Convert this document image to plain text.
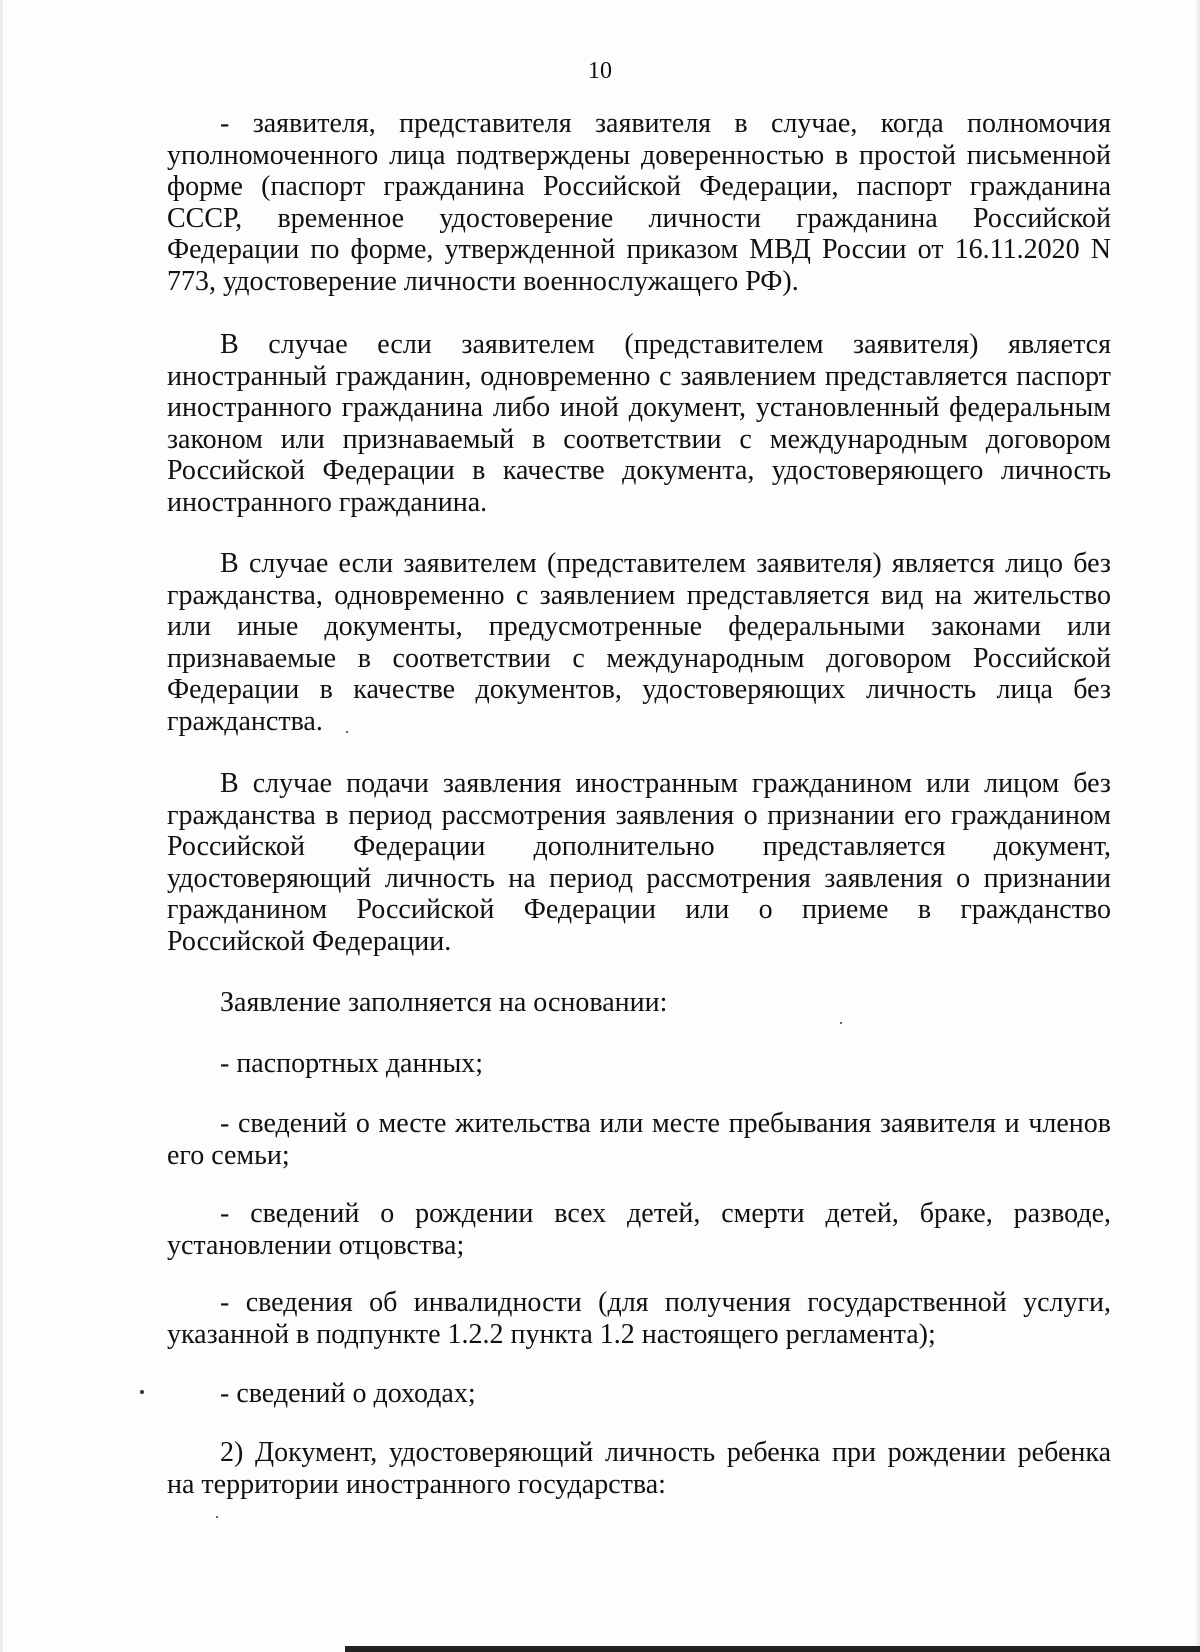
10

- заявителя, представителя заявителя в случае, когда полномочия
уполномоченного лица подтверждены доверенностью в простой письменной
форме (паспорт гражданина Российской Федерации, паспорт гражданина
СССР, временное удостоверение личности гражданина Российской
Федерации по форме, утвержденной приказом МВД России от 16.11.2020 N
773, удостоверение личности военнослужащего РФ).

В случае если заявителем (представителем заявителя) является
иностранный гражданин, одновременно с заявлением представляется паспорт
иностранного гражданина либо иной документ, установленный федеральным
законом или признаваемый в соответствии с международным договором
Российской Федерации в качестве документа, удостоверяющего личность
иностранного гражданина.

В случае если заявителем (представителем заявителя) является лицо без
гражданства, одновременно с заявлением представляется вид на жительство
или иные документы, предусмотренные федеральными законами или
признаваемые в соответствии с международным договором Российской
Федерации в качестве документов, удостоверяющих личность лица без
гражданства.

В случае подачи заявления иностранным гражданином или лицом без
гражданства в период рассмотрения заявления о признании его гражданином
Российской Федерации дополнительно представляется документ,
удостоверяющий личность на период рассмотрения заявления о признании
гражданином Российской Федерации или о приеме в гражданство
Российской Федерации.

Заявление заполняется на основании:

- паспортных данных;

- сведений о месте жительства или месте пребывания заявителя и членов
его семьи;

- сведений о рождении всех детей, смерти детей, браке, разводе,
установлении отцовства;

- сведения об инвалидности (для получения государственной услуги,
указанной в подпункте 1.2.2 пункта 1.2 настоящего регламента);

- сведений о доходах;

2) Документ, удостоверяющий личность ребенка при рождении ребенка
на территории иностранного государства:
